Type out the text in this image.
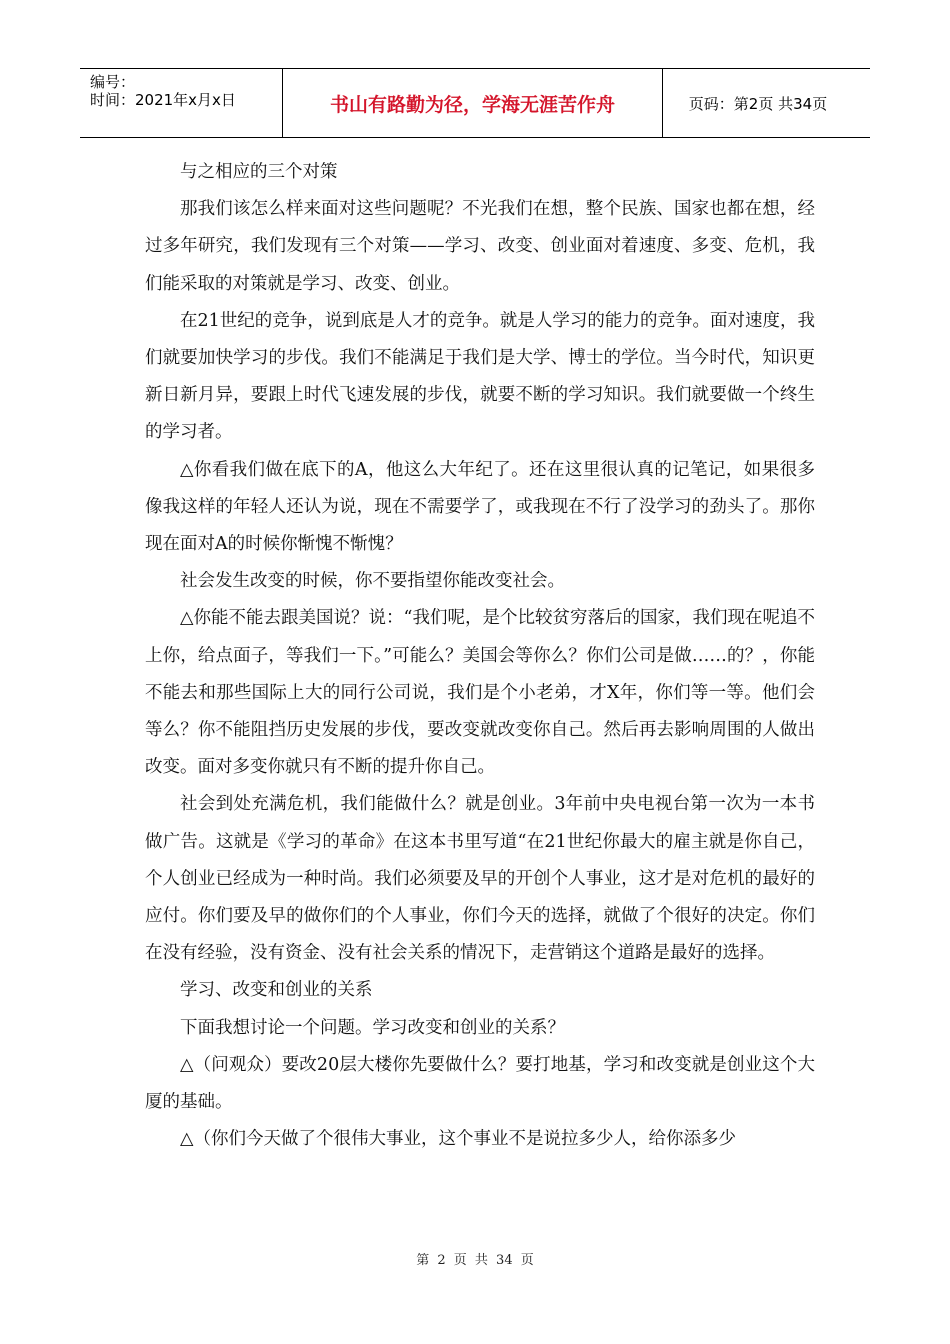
编号：
时间：2021年x月x日	书山有路勤为径，学海无涯苦作舟	页码：第2页 共34页

与之相应的三个对策

那我们该怎么样来面对这些问题呢？不光我们在想，整个民族、国家也都在想，经过多年研究，我们发现有三个对策——学习、改变、创业面对着速度、多变、危机，我们能采取的对策就是学习、改变、创业。

在21世纪的竞争，说到底是人才的竞争。就是人学习的能力的竞争。面对速度，我们就要加快学习的步伐。我们不能满足于我们是大学、博士的学位。当今时代，知识更新日新月异，要跟上时代飞速发展的步伐，就要不断的学习知识。我们就要做一个终生的学习者。

△你看我们做在底下的A，他这么大年纪了。还在这里很认真的记笔记，如果很多像我这样的年轻人还认为说，现在不需要学了，或我现在不行了没学习的劲头了。那你现在面对A的时候你惭愧不惭愧？

社会发生改变的时候，你不要指望你能改变社会。

△你能不能去跟美国说？说：“我们呢，是个比较贫穷落后的国家，我们现在呢追不上你，给点面子，等我们一下。”可能么？美国会等你么？你们公司是做……的？，你能不能去和那些国际上大的同行公司说，我们是个小老弟，才X年，你们等一等。他们会等么？你不能阻挡历史发展的步伐，要改变就改变你自己。然后再去影响周围的人做出改变。面对多变你就只有不断的提升你自己。

社会到处充满危机，我们能做什么？就是创业。3年前中央电视台第一次为一本书做广告。这就是《学习的革命》在这本书里写道“在21世纪你最大的雇主就是你自己，个人创业已经成为一种时尚。我们必须要及早的开创个人事业，这才是对危机的最好的应付。你们要及早的做你们的个人事业，你们今天的选择，就做了个很好的决定。你们在没有经验，没有资金、没有社会关系的情况下，走营销这个道路是最好的选择。

学习、改变和创业的关系

下面我想讨论一个问题。学习改变和创业的关系？

△（问观众）要改20层大楼你先要做什么？要打地基，学习和改变就是创业这个大厦的基础。

△（你们今天做了个很伟大事业，这个事业不是说拉多少人，给你添多少

第 2 页 共 34 页
